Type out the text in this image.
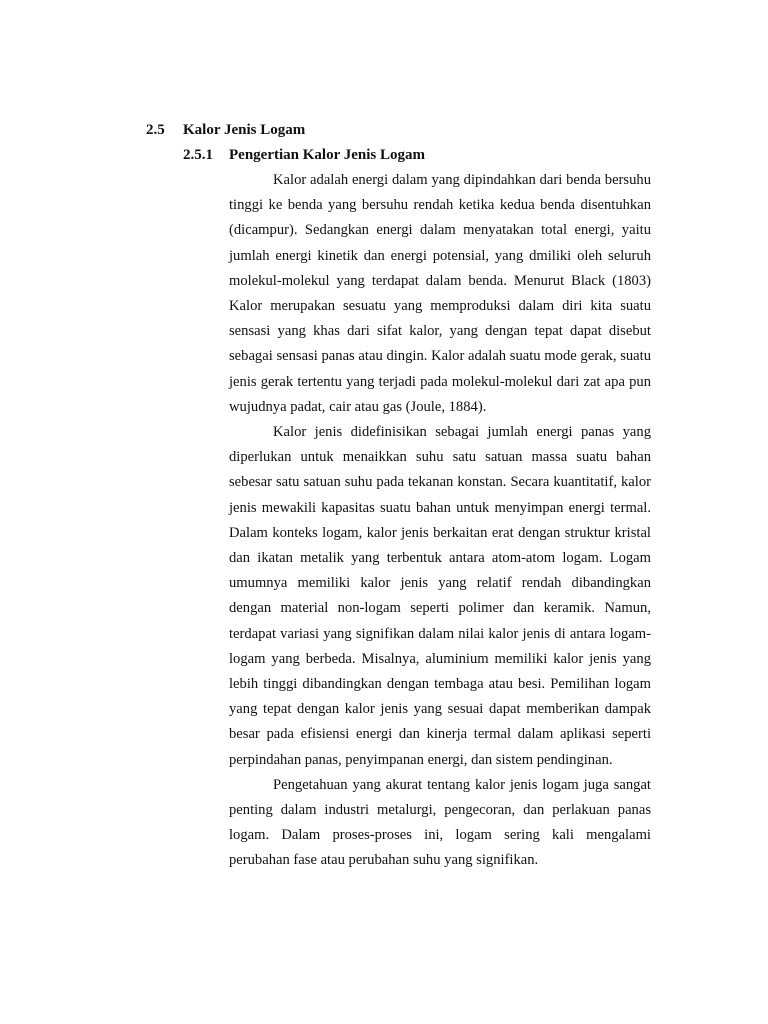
2.5 Kalor Jenis Logam
2.5.1 Pengertian Kalor Jenis Logam

Kalor adalah energi dalam yang dipindahkan dari benda bersuhu tinggi ke benda yang bersuhu rendah ketika kedua benda disentuhkan (dicampur). Sedangkan energi dalam menyatakan total energi, yaitu jumlah energi kinetik dan energi potensial, yang dmiliki oleh seluruh molekul-molekul yang terdapat dalam benda. Menurut Black (1803) Kalor merupakan sesuatu yang memproduksi dalam diri kita suatu sensasi yang khas dari sifat kalor, yang dengan tepat dapat disebut sebagai sensasi panas atau dingin. Kalor adalah suatu mode gerak, suatu jenis gerak tertentu yang terjadi pada molekul-molekul dari zat apa pun wujudnya padat, cair atau gas (Joule, 1884).

Kalor jenis didefinisikan sebagai jumlah energi panas yang diperlukan untuk menaikkan suhu satu satuan massa suatu bahan sebesar satu satuan suhu pada tekanan konstan. Secara kuantitatif, kalor jenis mewakili kapasitas suatu bahan untuk menyimpan energi termal. Dalam konteks logam, kalor jenis berkaitan erat dengan struktur kristal dan ikatan metalik yang terbentuk antara atom-atom logam. Logam umumnya memiliki kalor jenis yang relatif rendah dibandingkan dengan material non-logam seperti polimer dan keramik. Namun, terdapat variasi yang signifikan dalam nilai kalor jenis di antara logam-logam yang berbeda. Misalnya, aluminium memiliki kalor jenis yang lebih tinggi dibandingkan dengan tembaga atau besi. Pemilihan logam yang tepat dengan kalor jenis yang sesuai dapat memberikan dampak besar pada efisiensi energi dan kinerja termal dalam aplikasi seperti perpindahan panas, penyimpanan energi, dan sistem pendinginan.

Pengetahuan yang akurat tentang kalor jenis logam juga sangat penting dalam industri metalurgi, pengecoran, dan perlakuan panas logam. Dalam proses-proses ini, logam sering kali mengalami perubahan fase atau perubahan suhu yang signifikan.
